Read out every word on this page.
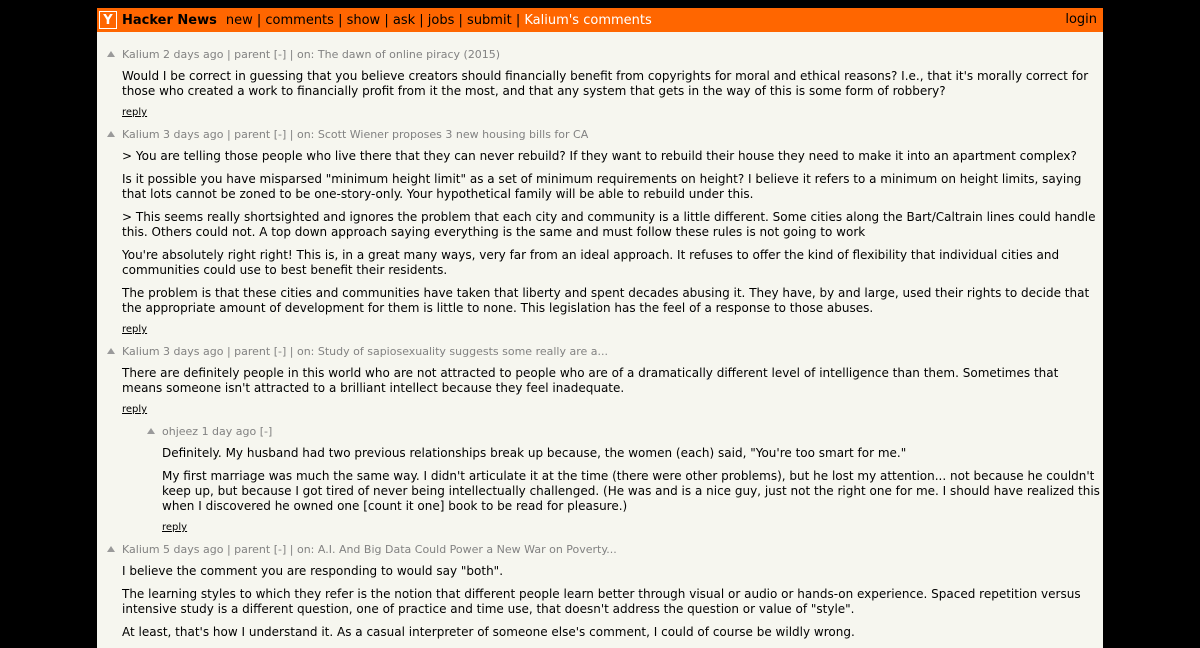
Y Hacker News new | comments | show | ask | jobs | submit | Kalium's comments	login
Kalium 2 days ago | parent [-] | on: The dawn of online piracy (2015)

Would I be correct in guessing that you believe creators should financially benefit from copyrights for moral and ethical reasons? I.e., that it's morally correct for those who created a work to financially profit from it the most, and that any system that gets in the way of this is some form of robbery?

reply
Kalium 3 days ago | parent [-] | on: Scott Wiener proposes 3 new housing bills for CA

> You are telling those people who live there that they can never rebuild? If they want to rebuild their house they need to make it into an apartment complex?

Is it possible you have misparsed "minimum height limit" as a set of minimum requirements on height? I believe it refers to a minimum on height limits, saying that lots cannot be zoned to be one-story-only. Your hypothetical family will be able to rebuild under this.

> This seems really shortsighted and ignores the problem that each city and community is a little different. Some cities along the Bart/Caltrain lines could handle this. Others could not. A top down approach saying everything is the same and must follow these rules is not going to work

You're absolutely right right! This is, in a great many ways, very far from an ideal approach. It refuses to offer the kind of flexibility that individual cities and communities could use to best benefit their residents.

The problem is that these cities and communities have taken that liberty and spent decades abusing it. They have, by and large, used their rights to decide that the appropriate amount of development for them is little to none. This legislation has the feel of a response to those abuses.

reply
Kalium 3 days ago | parent [-] | on: Study of sapiosexuality suggests some really are a...

There are definitely people in this world who are not attracted to people who are of a dramatically different level of intelligence than them. Sometimes that means someone isn't attracted to a brilliant intellect because they feel inadequate.

reply
ohjeez 1 day ago [-]

Definitely. My husband had two previous relationships break up because, the women (each) said, "You're too smart for me."

My first marriage was much the same way. I didn't articulate it at the time (there were other problems), but he lost my attention... not because he couldn't keep up, but because I got tired of never being intellectually challenged. (He was and is a nice guy, just not the right one for me. I should have realized this when I discovered he owned one [count it one] book to be read for pleasure.)

reply
Kalium 5 days ago | parent [-] | on: A.I. And Big Data Could Power a New War on Poverty...

I believe the comment you are responding to would say "both".

The learning styles to which they refer is the notion that different people learn better through visual or audio or hands-on experience. Spaced repetition versus intensive study is a different question, one of practice and time use, that doesn't address the question or value of "style".

At least, that's how I understand it. As a casual interpreter of someone else's comment, I could of course be wildly wrong.
